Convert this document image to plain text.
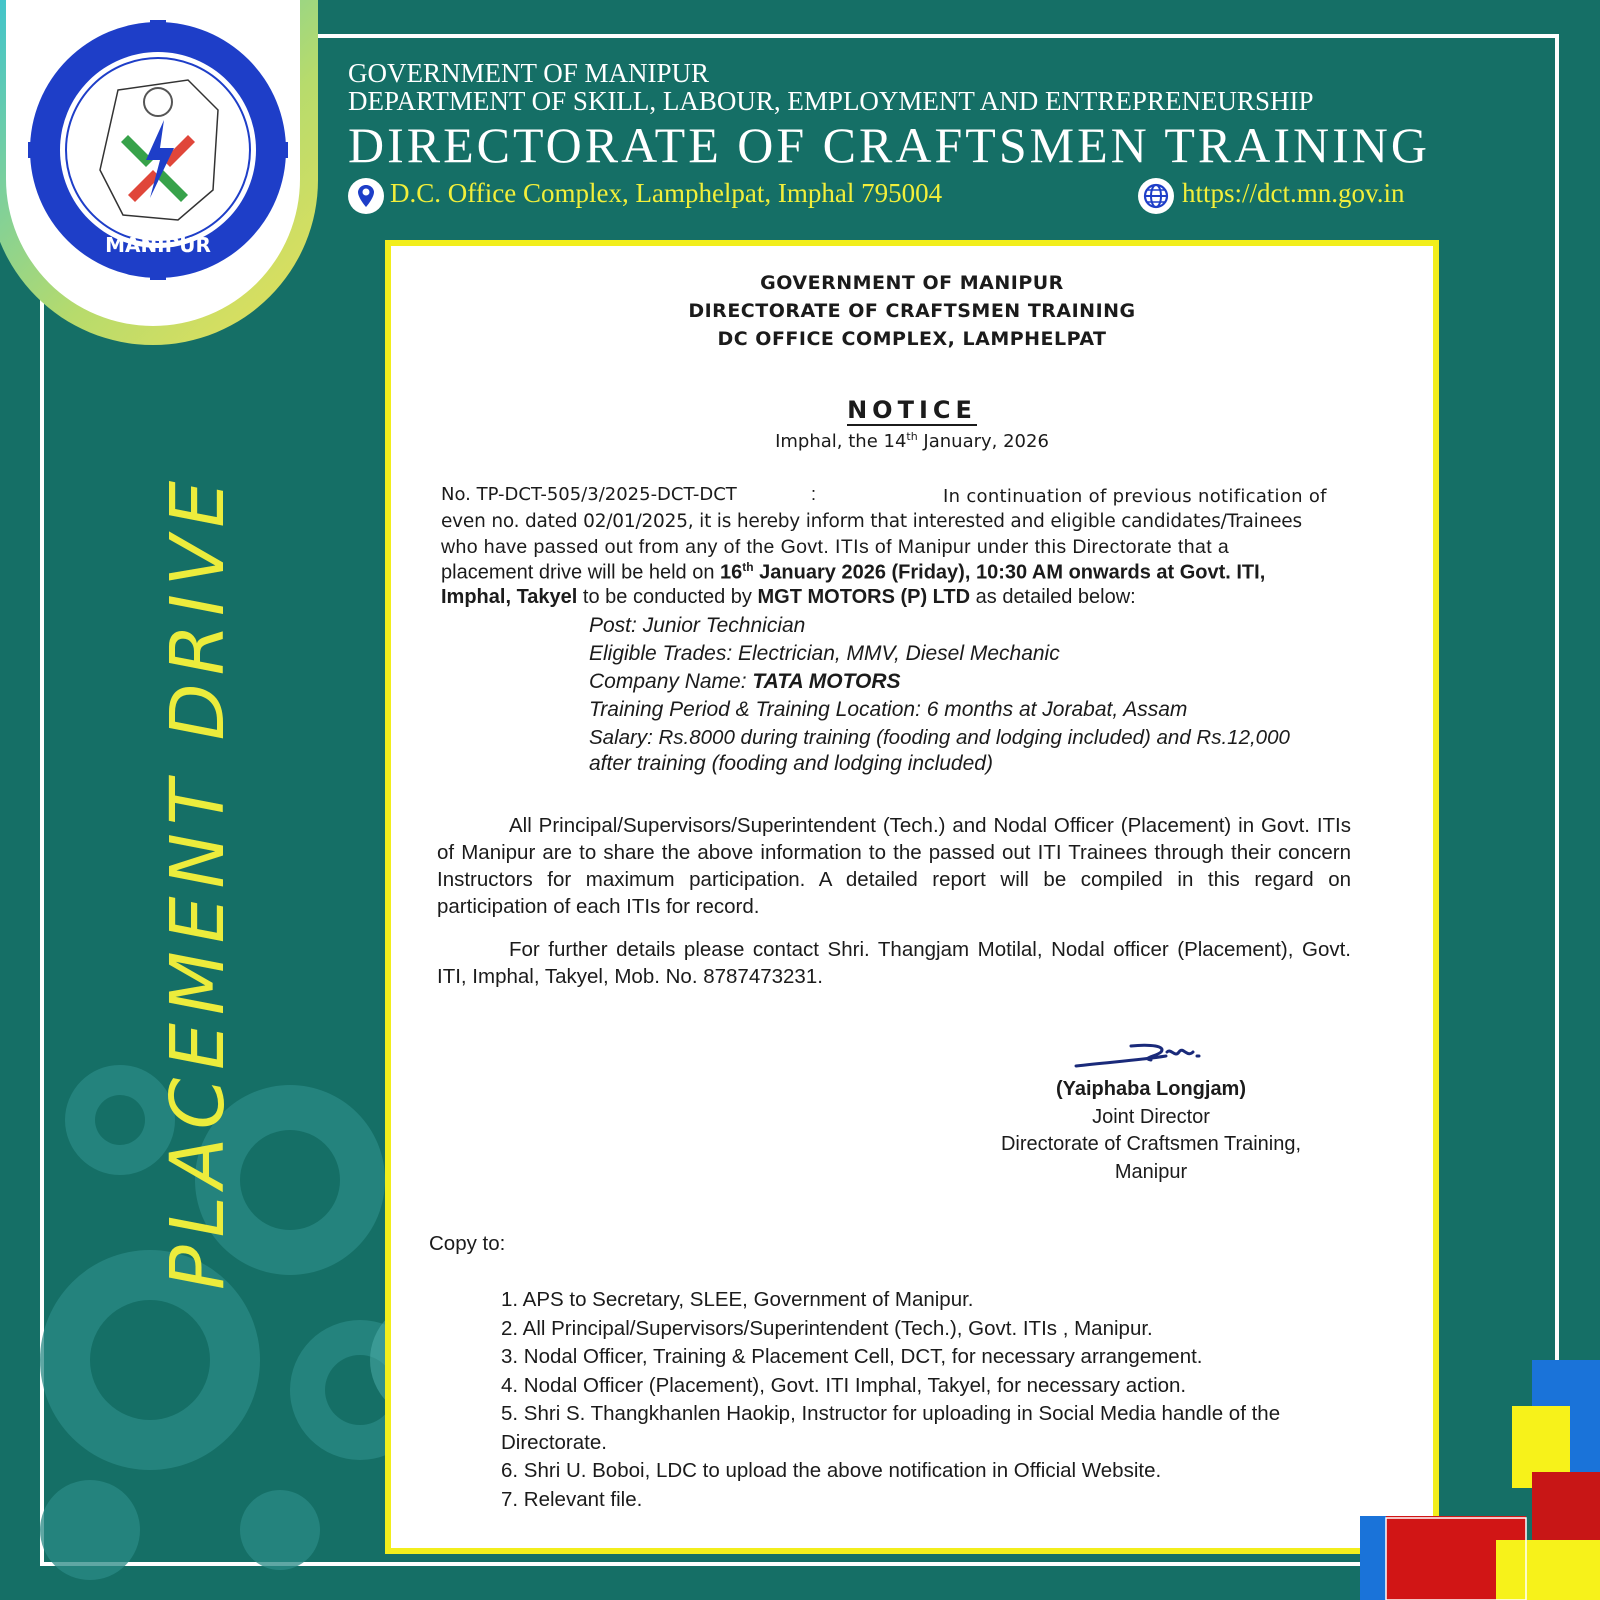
MANIPUR
GOVERNMENT OF MANIPUR
DEPARTMENT OF SKILL, LABOUR, EMPLOYMENT AND ENTREPRENEURSHIP
DIRECTORATE OF CRAFTSMEN TRAINING
D.C. Office Complex, Lamphelpat, Imphal 795004	https://dct.mn.gov.in
PLACEMENT DRIVE
GOVERNMENT OF MANIPUR
DIRECTORATE OF CRAFTSMEN TRAINING
DC OFFICE COMPLEX, LAMPHELPAT
NOTICE
Imphal, the 14th January, 2026
No. TP-DCT-505/3/2025-DCT-DCT	:	In continuation of previous notification of
even no. dated 02/01/2025, it is hereby inform that interested and eligible candidates/Trainees
who have passed out from any of the Govt. ITIs of Manipur under this Directorate that a
placement drive will be held on 16th January 2026 (Friday), 10:30 AM onwards at Govt. ITI,
Imphal, Takyel to be conducted by MGT MOTORS (P) LTD as detailed below:
Post: Junior Technician
Eligible Trades: Electrician, MMV, Diesel Mechanic
Company Name: TATA MOTORS
Training Period & Training Location: 6 months at Jorabat, Assam
Salary: Rs.8000 during training (fooding and lodging included) and Rs.12,000
after training (fooding and lodging included)
All Principal/Supervisors/Superintendent (Tech.) and Nodal Officer (Placement) in Govt. ITIs of Manipur are to share the above information to the passed out ITI Trainees through their concern Instructors for maximum participation. A detailed report will be compiled in this regard on participation of each ITIs for record.
For further details please contact Shri. Thangjam Motilal, Nodal officer (Placement), Govt. ITI, Imphal, Takyel, Mob. No. 8787473231.
(Yaiphaba Longjam)
Joint Director
Directorate of Craftsmen Training,
Manipur
Copy to:
1. APS to Secretary, SLEE, Government of Manipur.
2. All Principal/Supervisors/Superintendent (Tech.), Govt. ITIs , Manipur.
3. Nodal Officer, Training & Placement Cell, DCT, for necessary arrangement.
4. Nodal Officer (Placement), Govt. ITI Imphal, Takyel, for necessary action.
5. Shri S. Thangkhanlen Haokip, Instructor for uploading in Social Media handle of the Directorate.
6. Shri U. Boboi, LDC to upload the above notification in Official Website.
7. Relevant file.
